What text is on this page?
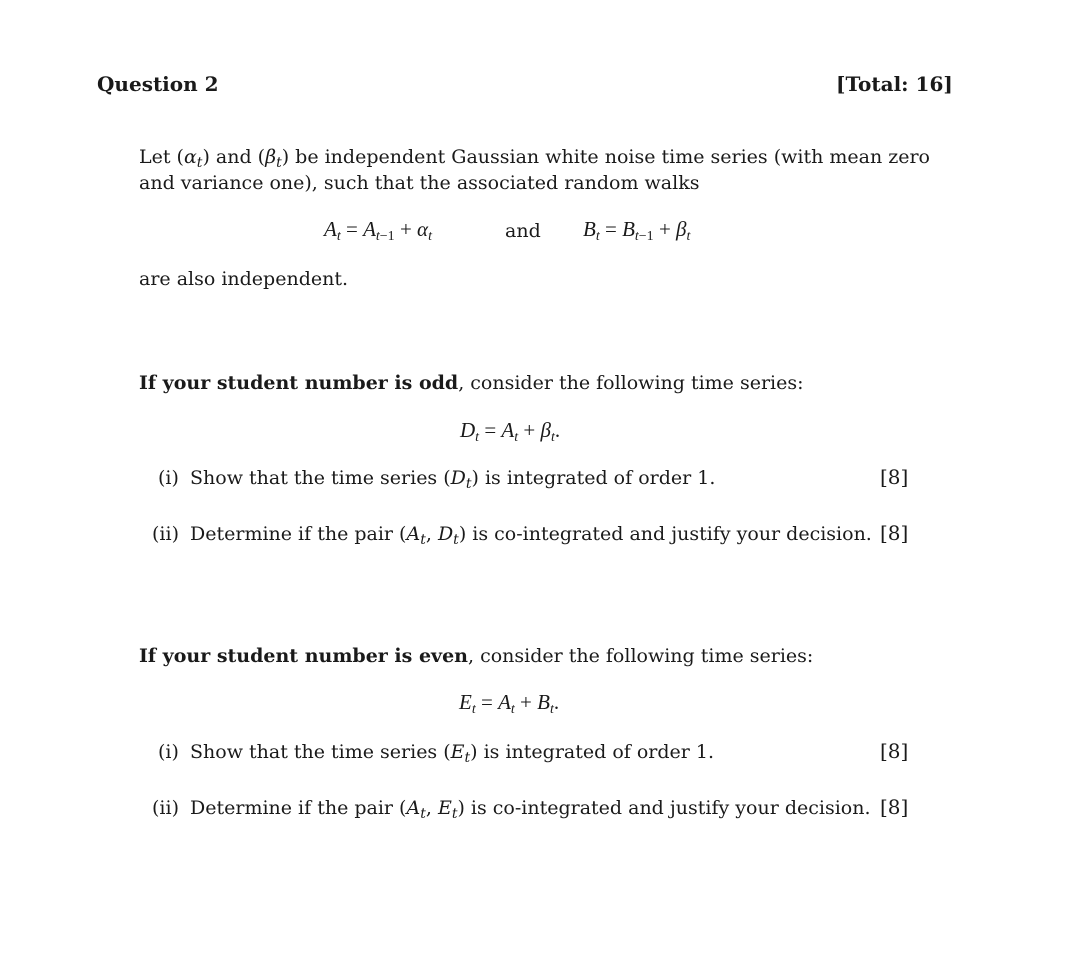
Question 2	[Total: 16]
Let $(\alpha_t)$ and $(\beta_t)$ be independent Gaussian white noise time series (with mean zero
and variance one), such that the associated random walks
$A_t = A_t-1 + \alpha_t$	and $B_t = B_t-1 + \beta_t$
are also independent.
If your student number is odd, consider the following time series:
$D_t = A_t + \beta_t$.
(i) Show that the time series $(D_t)$ is integrated of order 1.	[8]
(ii) Determine if the pair ($A_t$, $D_t$) is co-integrated and justify your decision. [8]
If your student number is even, consider the following time series:
$E_t = A_t + B_t$.
(i) Show that the time series $(E_t)$ is integrated of order 1.	[8]
(ii) Determine if the pair ($A_t$, $E_t$) is co-integrated and justify your decision. [8]
